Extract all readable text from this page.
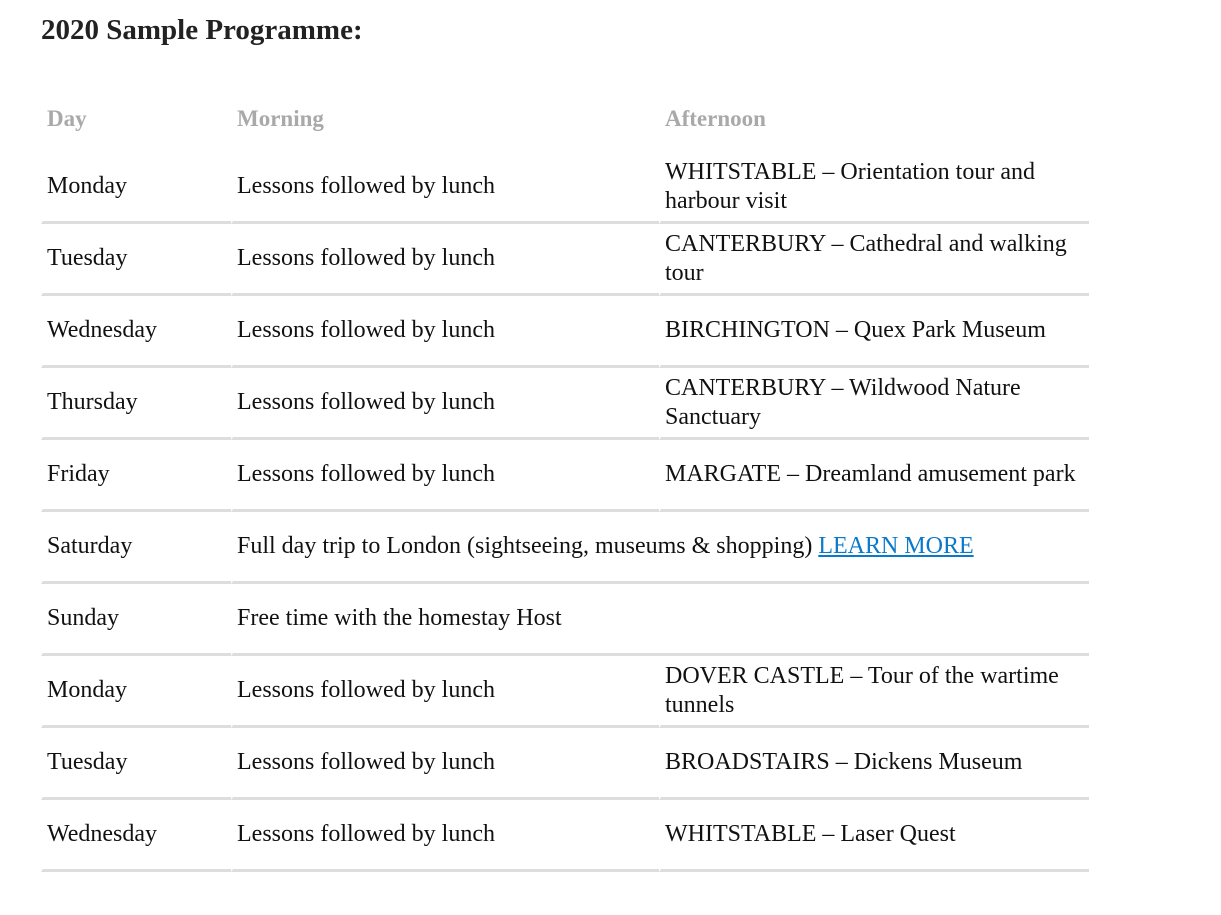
2020 Sample Programme:
Day	Morning	Afternoon
Monday	Lessons followed by lunch	WHITSTABLE – Orientation tour and harbour visit
Tuesday	Lessons followed by lunch	CANTERBURY – Cathedral and walking tour
Wednesday	Lessons followed by lunch	BIRCHINGTON – Quex Park Museum
Thursday	Lessons followed by lunch	CANTERBURY – Wildwood Nature Sanctuary
Friday	Lessons followed by lunch	MARGATE – Dreamland amusement park
Saturday	Full day trip to London (sightseeing, museums & shopping) LEARN MORE	
Sunday	Free time with the homestay Host	
Monday	Lessons followed by lunch	DOVER CASTLE – Tour of the wartime tunnels
Tuesday	Lessons followed by lunch	BROADSTAIRS – Dickens Museum
Wednesday	Lessons followed by lunch	WHITSTABLE – Laser Quest
